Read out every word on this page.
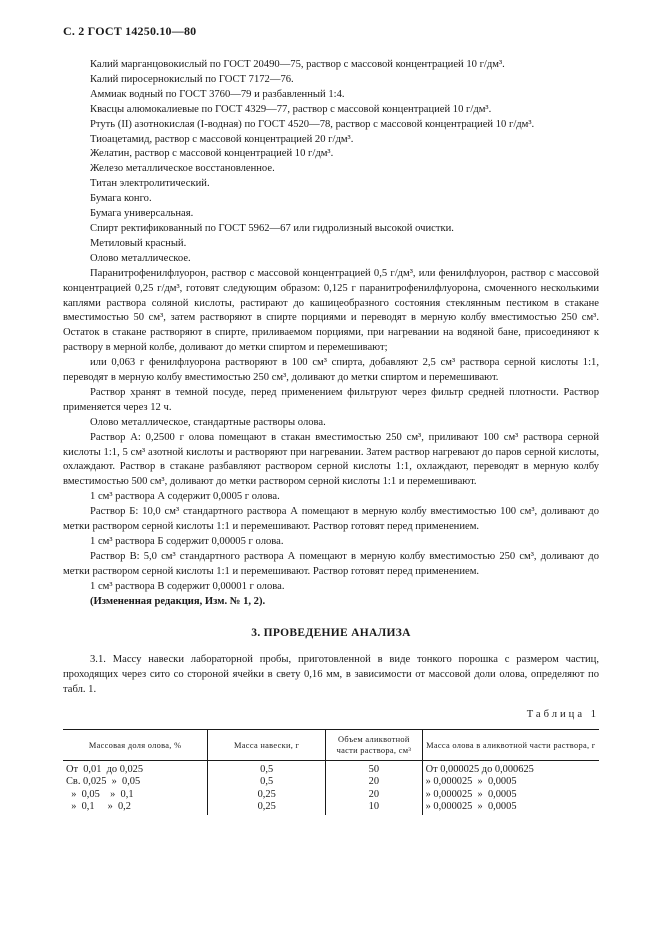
С. 2 ГОСТ 14250.10—80

Калий марганцовокислый по ГОСТ 20490—75, раствор с массовой концентрацией 10 г/дм³.

Калий пиросернокислый по ГОСТ 7172—76.

Аммиак водный по ГОСТ 3760—79 и разбавленный 1:4.

Квасцы алюмокалиевые по ГОСТ 4329—77, раствор с массовой концентрацией 10 г/дм³.

Ртуть (II) азотнокислая (I-водная) по ГОСТ 4520—78, раствор с массовой концентрацией 10 г/дм³.

Тиоацетамид, раствор с массовой концентрацией 20 г/дм³.

Желатин, раствор с массовой концентрацией 10 г/дм³.

Железо металлическое восстановленное.

Титан электролитический.

Бумага конго.

Бумага универсальная.

Спирт ректификованный по ГОСТ 5962—67 или гидролизный высокой очистки.

Метиловый красный.

Олово металлическое.

Паранитрофенилфлуорон, раствор с массовой концентрацией 0,5 г/дм³, или фенилфлуорон, раствор с массовой концентрацией 0,25 г/дм³, готовят следующим образом: 0,125 г паранитрофенилфлуорона, смоченного несколькими каплями раствора соляной кислоты, растирают до кашицеобразного состояния стеклянным пестиком в стакане вместимостью 50 см³, затем растворяют в спирте порциями и переводят в мерную колбу вместимостью 250 см³. Остаток в стакане растворяют в спирте, приливаемом порциями, при нагревании на водяной бане, присоединяют к раствору в мерной колбе, доливают до метки спиртом и перемешивают;

или 0,063 г фенилфлуорона растворяют в 100 см³ спирта, добавляют 2,5 см³ раствора серной кислоты 1:1, переводят в мерную колбу вместимостью 250 см³, доливают до метки спиртом и перемешивают.

Раствор хранят в темной посуде, перед применением фильтруют через фильтр средней плотности. Раствор применяется через 12 ч.

Олово металлическое, стандартные растворы олова.

Раствор А: 0,2500 г олова помещают в стакан вместимостью 250 см³, приливают 100 см³ раствора серной кислоты 1:1, 5 см³ азотной кислоты и растворяют при нагревании. Затем раствор нагревают до паров серной кислоты, охлаждают. Раствор в стакане разбавляют раствором серной кислоты 1:1, охлаждают, переводят в мерную колбу вместимостью 500 см³, доливают до метки раствором серной кислоты 1:1 и перемешивают.

1 см³ раствора А содержит 0,0005 г олова.

Раствор Б: 10,0 см³ стандартного раствора А помещают в мерную колбу вместимостью 100 см³, доливают до метки раствором серной кислоты 1:1 и перемешивают. Раствор готовят перед применением.

1 см³ раствора Б содержит 0,00005 г олова.

Раствор В: 5,0 см³ стандартного раствора А помещают в мерную колбу вместимостью 250 см³, доливают до метки раствором серной кислоты 1:1 и перемешивают. Раствор готовят перед применением.

1 см³ раствора В содержит 0,00001 г олова.

(Измененная редакция, Изм. № 1, 2).

3. ПРОВЕДЕНИЕ АНАЛИЗА

3.1. Массу навески лабораторной пробы, приготовленной в виде тонкого порошка с размером частиц, проходящих через сито со стороной ячейки в свету 0,16 мм, в зависимости от массовой доли олова, определяют по табл. 1.

Таблица 1
Массовая доля олова, %	Масса навески, г	Объем аликвотной части раствора, см³	Масса олова в аликвотной части раствора, г
От  0,01  до 0,025	0,5	50	От 0,000025 до 0,000625
Св. 0,025  »  0,05	0,5	20	» 0,000025  »  0,0005
»  0,05    »  0,1	0,25	20	» 0,000025  »  0,0005
»  0,1     »  0,2	0,25	10	» 0,000025  »  0,0005
